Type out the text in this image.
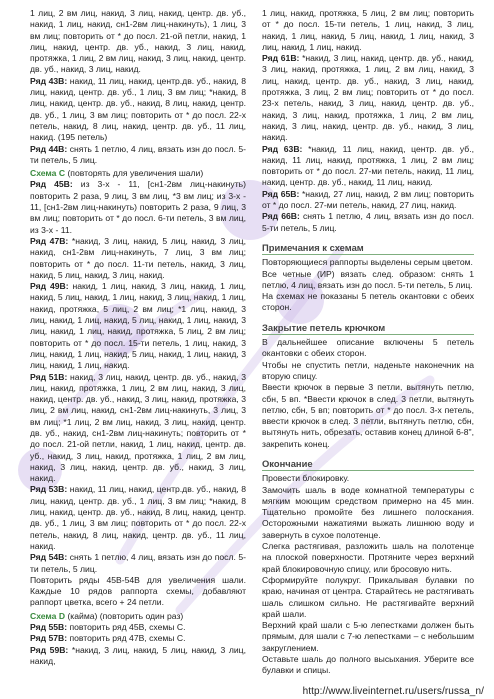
1 лиц, 2 вм лиц, накид, 3 лиц, накид, центр. дв. уб., накид, 1 лиц, накид, сн1-2вм лиц-накинуть), 1 лиц, 3 вм лиц; повторить от * до посл. 21-ой петли, накид, 1 лиц, накид, центр. дв. уб., накид, 3 лиц, накид, протяжка, 1 лиц, 2 вм лиц, накид, 3 лиц, накид, центр. дв. уб., накид, 3 лиц, накид.

Ряд 43B: накид, 11 лиц, накид, центр.дв. уб., накид, 8 лиц, накид, центр. дв. уб., 1 лиц, 3 вм лиц; *накид, 8 лиц, накид, центр. дв. уб., накид, 8 лиц, накид, центр. дв. уб., 1 лиц, 3 вм лиц; повторить от * до посл. 22-х петель, накид, 8 лиц, накид, центр. дв. уб., 11 лиц, накид. (195 петель)

Ряд 44B: снять 1 петлю, 4 лиц, вязать изн до посл. 5-ти петель, 5 лиц.

Схема С (повторять для увеличения шали)

Ряд 45B: из 3-х - 11, [сн1-2вм лиц-накинуть) повторить 2 раза, 9 лиц, 3 вм лиц, *3 вм лиц; из 3-х - 11, [сн1-2вм лиц-накинуть) повторить 2 раза, 9 лиц, 3 вм лиц; повторить от * до посл. 6-ти петель, 3 вм лиц, из 3-х - 11.

Ряд 47B: *накид, 3 лиц, накид, 5 лиц, накид, 3 лиц, накид, сн1-2вм лиц-накинуть, 7 лиц, 3 вм лиц; повторить от * до посл. 11-ти петель, накид, 3 лиц, накид, 5 лиц, накид, 3 лиц, накид.

Ряд 49B: накид, 1 лиц, накид, 3 лиц, накид, 1 лиц, накид, 5 лиц, накид, 1 лиц, накид, 3 лиц, накид, 1 лиц, накид, протяжка, 5 лиц, 2 вм лиц; *1 лиц, накид, 3 лиц, накид, 1 лиц, накид, 5 лиц, накид, 1 лиц, накид, 3 лиц, накид, 1 лиц, накид, протяжка, 5 лиц, 2 вм лиц; повторить от * до посл. 15-ти петель, 1 лиц, накид, 3 лиц, накид, 1 лиц, накид, 5 лиц, накид, 1 лиц, накид, 3 лиц, накид, 1 лиц, накид.

Ряд 51B: накид, 3 лиц, накид, центр. дв. уб., накид, 3 лиц, накид, протяжка, 1 лиц, 2 вм лиц, накид, 3 лиц, накид, центр. дв. уб., накид, 3 лиц, накид, протяжка, 3 лиц, 2 вм лиц, накид, сн1-2вм лиц-накинуть, 3 лиц, 3 вм лиц; *1 лиц, 2 вм лиц, накид, 3 лиц, накид, центр. дв. уб., накид, сн1-2вм лиц-накинуть; повторить от * до посл. 21-ой петли, накид, 1 лиц, накид, центр. дв. уб., накид, 3 лиц, накид, протяжка, 1 лиц, 2 вм лиц, накид, 3 лиц, накид, центр. дв. уб., накид, 3 лиц, накид.

Ряд 53B: накид, 11 лиц, накид, центр.дв. уб., накид, 8 лиц, накид, центр. дв. уб., 1 лиц, 3 вм лиц; *накид, 8 лиц, накид, центр. дв. уб., накид, 8 лиц, накид, центр. дв. уб., 1 лиц, 3 вм лиц; повторить от * до посл. 22-х петель, накид, 8 лиц, накид, центр. дв. уб., 11 лиц, накид.

Ряд 54B: снять 1 петлю, 4 лиц, вязать изн до посл. 5-ти петель, 5 лиц.

Повторить ряды 45B-54B для увеличения шали. Каждые 10 рядов раппорта схемы, добавляют раппорт цветка, всего + 24 петли.

Схема D (кайма) (повторить один раз)

Ряд 55B: повторить ряд 45B, схемы С.

Ряд 57B: повторить ряд 47B, схемы С.

Ряд 59B: *накид, 3 лиц, накид, 5 лиц, накид, 3 лиц, накид,

1 лиц, накид, протяжка, 5 лиц, 2 вм лиц; повторить от * до посл. 15-ти петель, 1 лиц, накид, 3 лиц, накид, 1 лиц, накид, 5 лиц, накид, 1 лиц, накид, 3 лиц, накид, 1 лиц, накид.

Ряд 61B: *накид, 3 лиц, накид, центр. дв. уб., накид, 3 лиц, накид, протяжка, 1 лиц, 2 вм лиц, накид, 3 лиц, накид, центр. дв. уб., накид, 3 лиц, накид, протяжка, 3 лиц, 2 вм лиц; повторить от * до посл. 23-х петель, накид, 3 лиц, накид, центр. дв. уб., накид, 3 лиц, накид, протяжка, 1 лиц, 2 вм лиц, накид, 3 лиц, накид, центр. дв. уб., накид, 3 лиц, накид.

Ряд 63B: *накид, 11 лиц, накид, центр. дв. уб., накид, 11 лиц, накид, протяжка, 1 лиц, 2 вм лиц; повторить от * до посл. 27-ми петель, накид, 11 лиц, накид, центр. дв. уб., накид, 11 лиц, накид.

Ряд 65B: *накид, 27 лиц, накид, 2 вм лиц; повторить от * до посл. 27-ми петель, накид, 27 лиц, накид.

Ряд 66B: снять 1 петлю, 4 лиц, вязать изн до посл. 5-ти петель, 5 лиц.

Примечания к схемам

Повторяющиеся раппорты выделены серым цветом.

Все четные (ИР) вязать след. образом: снять 1 петлю, 4 лиц, вязать изн до посл. 5-ти петель, 5 лиц.

На схемах не показаны 5 петель окантовки с обеих сторон.

Закрытие петель крючком

В дальнейшее описание включены 5 петель окантовки с обеих сторон.

Чтобы не спустить петли, наденьте наконечник на вторую спицу.

Ввести крючок в первые 3 петли, вытянуть петлю, сбн, 5 вп. *Ввести крючок в след. 3 петли, вытянуть петлю, сбн, 5 вп; повторить от * до посл. 3-х петель, ввести крючок в след. 3 петли, вытянуть петлю, сбн, вытянуть нить, обрезать, оставив конец длиной 6-8", закрепить конец.

Окончание

Провести блокировку.

Замочить шаль в воде комнатной температуры с мягким моющим средством примерно на 45 мин. Тщательно промойте без лишнего полоскания. Осторожными нажатиями выжать лишнюю воду и завернуть в сухое полотенце.

Слегка растягивая, разложить шаль на полотенце на плоской поверхности. Протяните через верхний край блокировочную спицу, или бросовую нить.

Сформируйте полукруг. Прикалывая булавки по краю, начиная от центра. Старайтесь не растягивать шаль слишком сильно. Не растягивайте верхний край шали.

Верхний край шали с 5-ю лепестками должен быть прямым, для шали с 7-ю лепестками – с небольшим закруглением.

Оставьте шаль до полного высыхания. Уберите все булавки и спицы.

http://www.liveinternet.ru/users/russa_n/
